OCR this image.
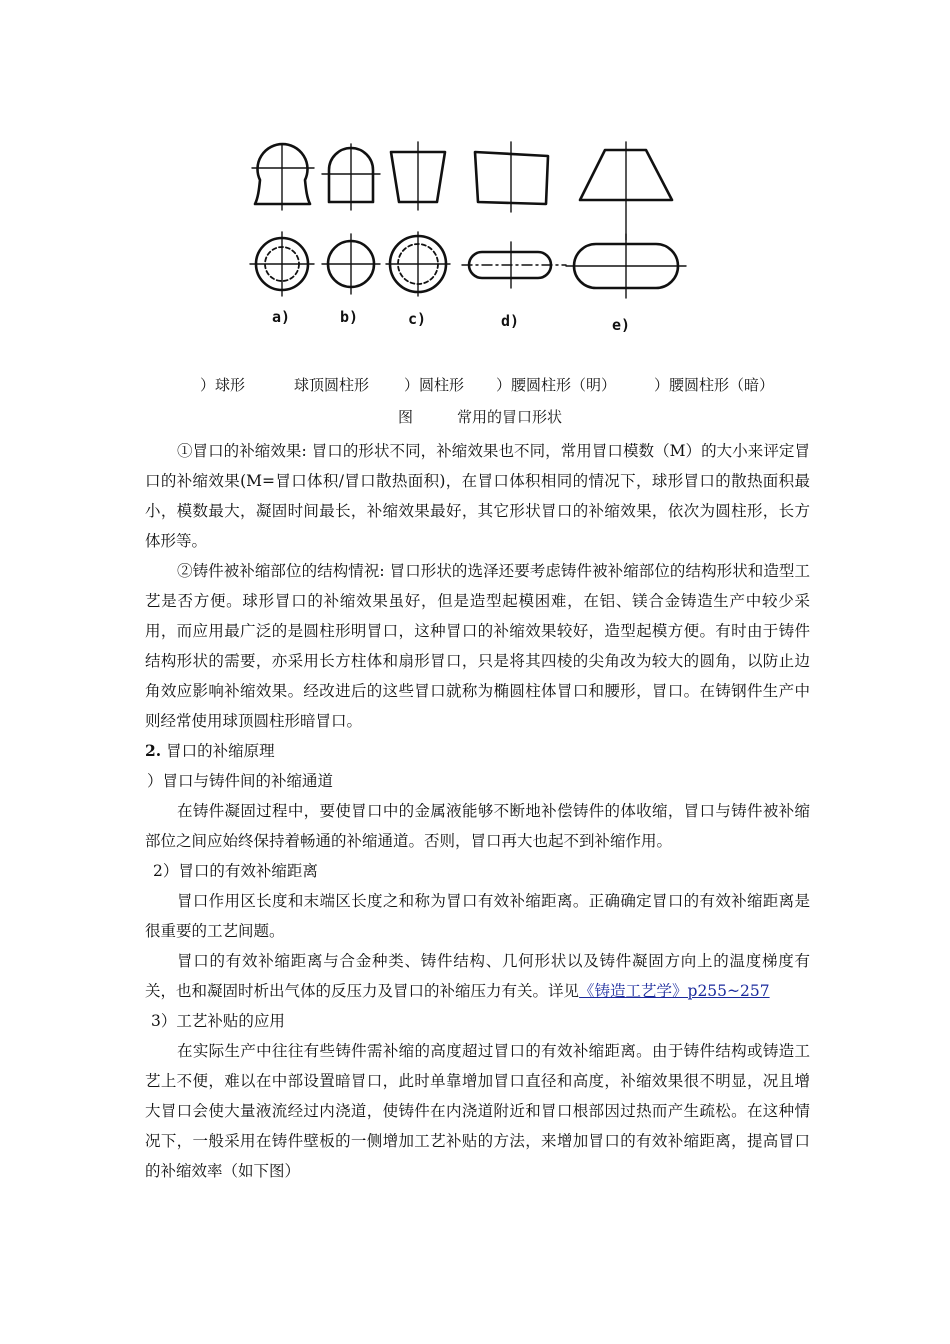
a)	b)	c)	d)	e)
）球形	球顶圆柱形 ）圆柱形 ）腰圆柱形（明）	）腰圆柱形（暗）
图	常用的冒口形状

①冒口的补缩效果: 冒口的形状不同，补缩效果也不同，常用冒口模数（M）的大小来评定冒口的补缩效果(M=冒口体积/冒口散热面积)，在冒口体积相同的情况下，球形冒口的散热面积最小，模数最大，凝固时间最长，补缩效果最好，其它形状冒口的补缩效果，依次为圆柱形，长方体形等。

②铸件被补缩部位的结构情祝: 冒口形状的选泽还要考虑铸件被补缩部位的结构形状和造型工艺是否方便。球形冒口的补缩效果虽好，但是造型起模困难，在铝、镁合金铸造生产中较少采用，而应用最广泛的是圆柱形明冒口，这种冒口的补缩效果较好，造型起模方便。有时由于铸件结构形状的需要，亦采用长方柱体和扇形冒口，只是将其四棱的尖角改为较大的圆角，以防止边角效应影响补缩效果。经改进后的这些冒口就称为椭圆柱体冒口和腰形，冒口。在铸钢件生产中则经常使用球顶圆柱形暗冒口。

2. 冒口的补缩原理

）冒口与铸件间的补缩通道

在铸件凝固过程中，要使冒口中的金属液能够不断地补偿铸件的体收缩，冒口与铸件被补缩部位之间应始终保持着畅通的补缩通道。否则，冒口再大也起不到补缩作用。

2）冒口的有效补缩距离

冒口作用区长度和末端区长度之和称为冒口有效补缩距离。正确确定冒口的有效补缩距离是很重要的工艺间题。

冒口的有效补缩距离与合金种类、铸件结构、几何形状以及铸件凝固方向上的温度梯度有关，也和凝固时析出气体的反压力及冒口的补缩压力有关。详见《铸造工艺学》p255~257

3）工艺补贴的应用

在实际生产中往往有些铸件需补缩的高度超过冒口的有效补缩距离。由于铸件结构或铸造工艺上不便，难以在中部设置暗冒口，此时单靠增加冒口直径和高度，补缩效果很不明显，况且增大冒口会使大量液流经过内浇道，使铸件在内浇道附近和冒口根部因过热而产生疏松。在这种情况下，一般采用在铸件壁板的一侧增加工艺补贴的方法，来增加冒口的有效补缩距离，提高冒口的补缩效率（如下图）
